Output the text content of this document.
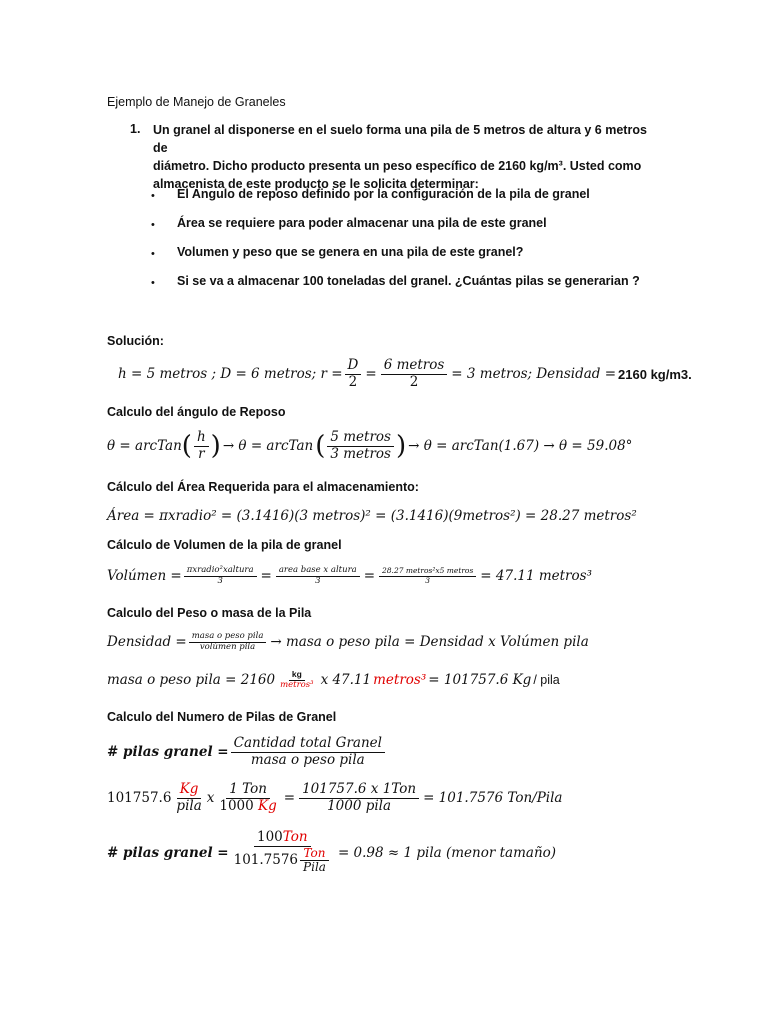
Ejemplo de Manejo de Graneles
1. Un granel al disponerse en el suelo forma una pila de 5 metros de altura y 6 metros de
diámetro. Dicho producto presenta un peso específico de 2160 kg/m³. Usted como
almacenista de este producto se le solicita determinar:
• El Angulo de reposo definido por la configuración de la pila de granel
• Área se requiere para poder almacenar una pila de este granel
• Volumen y peso que se genera en una pila de este granel?
• Si se va a almacenar 100 toneladas del granel. ¿Cuántas pilas se generarian ?
Solución:
h = 5 metros ; D = 6 metros; $r = \frac{D}{2} = \frac{\text{6 metros}}{2} = 3$ metros; Densidad = 2160 kg/m3.
Calculo del ángulo de Reposo
θ = arcTan ( $\frac{h}{r}$ ) → θ = arcTan ( $\frac{\text{5 metros}}{\text{3 metros}}$ ) → θ = arcTan(1.67) → θ = 59.08°
Cálculo del Área Requerida para el almacenamiento:
Área = πxradio² = (3.1416)(3 metros)² = (3.1416)(9metros²) = 28.27 metros²
Cálculo de Volumen de la pila de granel
Volúmen = $\frac{\text{πxradio²xaltura}}{3} = \frac{\text{area base x altura}}{3} = \frac{\text{28.27 metros²x5 metros}}{3} = 47.11$ metros³
Calculo del Peso o masa de la Pila
Densidad = $\frac{\text{masa o peso pila}}{\text{volúmen pila}}$ → masa o peso pila = Densidad x Volúmen pila
masa o peso pila = $2160 \frac{kg}{\text{metros³}}$ x 47.11 metros³ = 101757.6 Kg / pila
Calculo del Numero de Pilas de Granel
# pilas granel = $\frac{\text{Cantidad total Granel}}{\text{masa o peso pila}}$
$101757.6 \frac{Kg}{\text{pila}}$ x $\frac{\text{1 Ton}}{1000 Kg} = \frac{\text{101757.6 x 1Ton}}{\text{1000 pila}} = 101.7576$ Ton/Pila
# pilas granel = $\frac{\text{100Ton}}{101.7576 \frac{\text{Ton}}{\text{Pila}}} = 0.98 \approx 1$ pila (menor tamaño)
